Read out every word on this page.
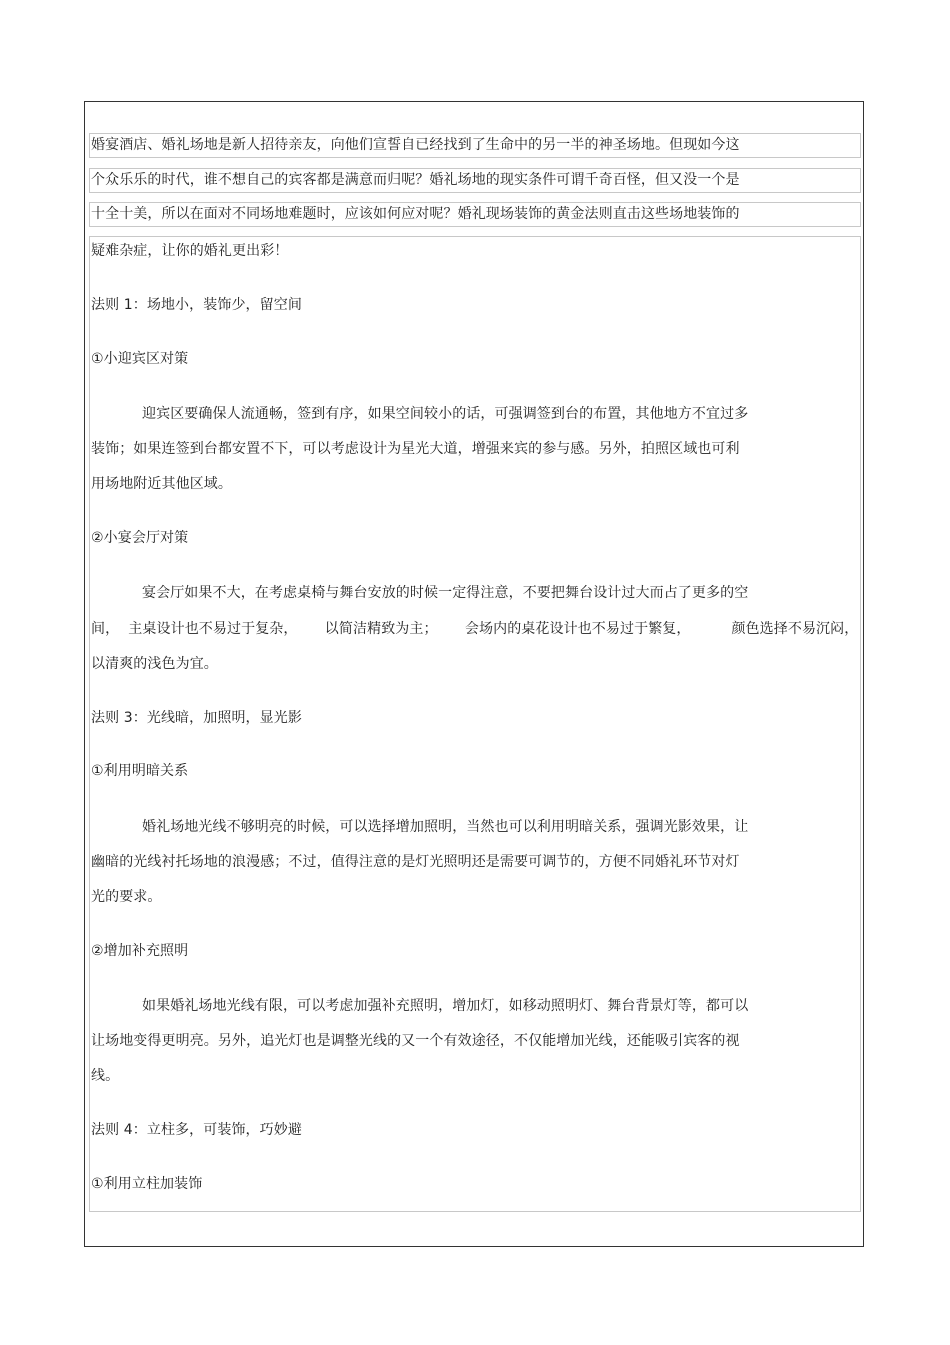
婚宴酒店、婚礼场地是新人招待亲友，向他们宣誓自已经找到了生命中的另一半的神圣场地。但现如今这
个众乐乐的时代，谁不想自己的宾客都是满意而归呢？婚礼场地的现实条件可谓千奇百怪，但又没一个是
十全十美，所以在面对不同场地难题时，应该如何应对呢？婚礼现场装饰的黄金法则直击这些场地装饰的
疑难杂症，让你的婚礼更出彩！
法则 1：场地小，装饰少，留空间
①小迎宾区对策
迎宾区要确保人流通畅，签到有序，如果空间较小的话，可强调签到台的布置，其他地方不宜过多
装饰；如果连签到台都安置不下，可以考虑设计为星光大道，增强来宾的参与感。另外，拍照区域也可利
用场地附近其他区域。
②小宴会厅对策
宴会厅如果不大，在考虑桌椅与舞台安放的时候一定得注意，不要把舞台设计过大而占了更多的空
间，  主桌设计也不易过于复杂，      以简洁精致为主；      会场内的桌花设计也不易过于繁复，         颜色选择不易沉闷，
以清爽的浅色为宜。
法则 3：光线暗，加照明，显光影
①利用明暗关系
婚礼场地光线不够明亮的时候，可以选择增加照明，当然也可以利用明暗关系，强调光影效果，让
幽暗的光线衬托场地的浪漫感；不过，值得注意的是灯光照明还是需要可调节的，方便不同婚礼环节对灯
光的要求。
②增加补充照明
如果婚礼场地光线有限，可以考虑加强补充照明，增加灯，如移动照明灯、舞台背景灯等，都可以
让场地变得更明亮。另外，追光灯也是调整光线的又一个有效途径，不仅能增加光线，还能吸引宾客的视
线。
法则 4：立柱多，可装饰，巧妙避
①利用立柱加装饰
